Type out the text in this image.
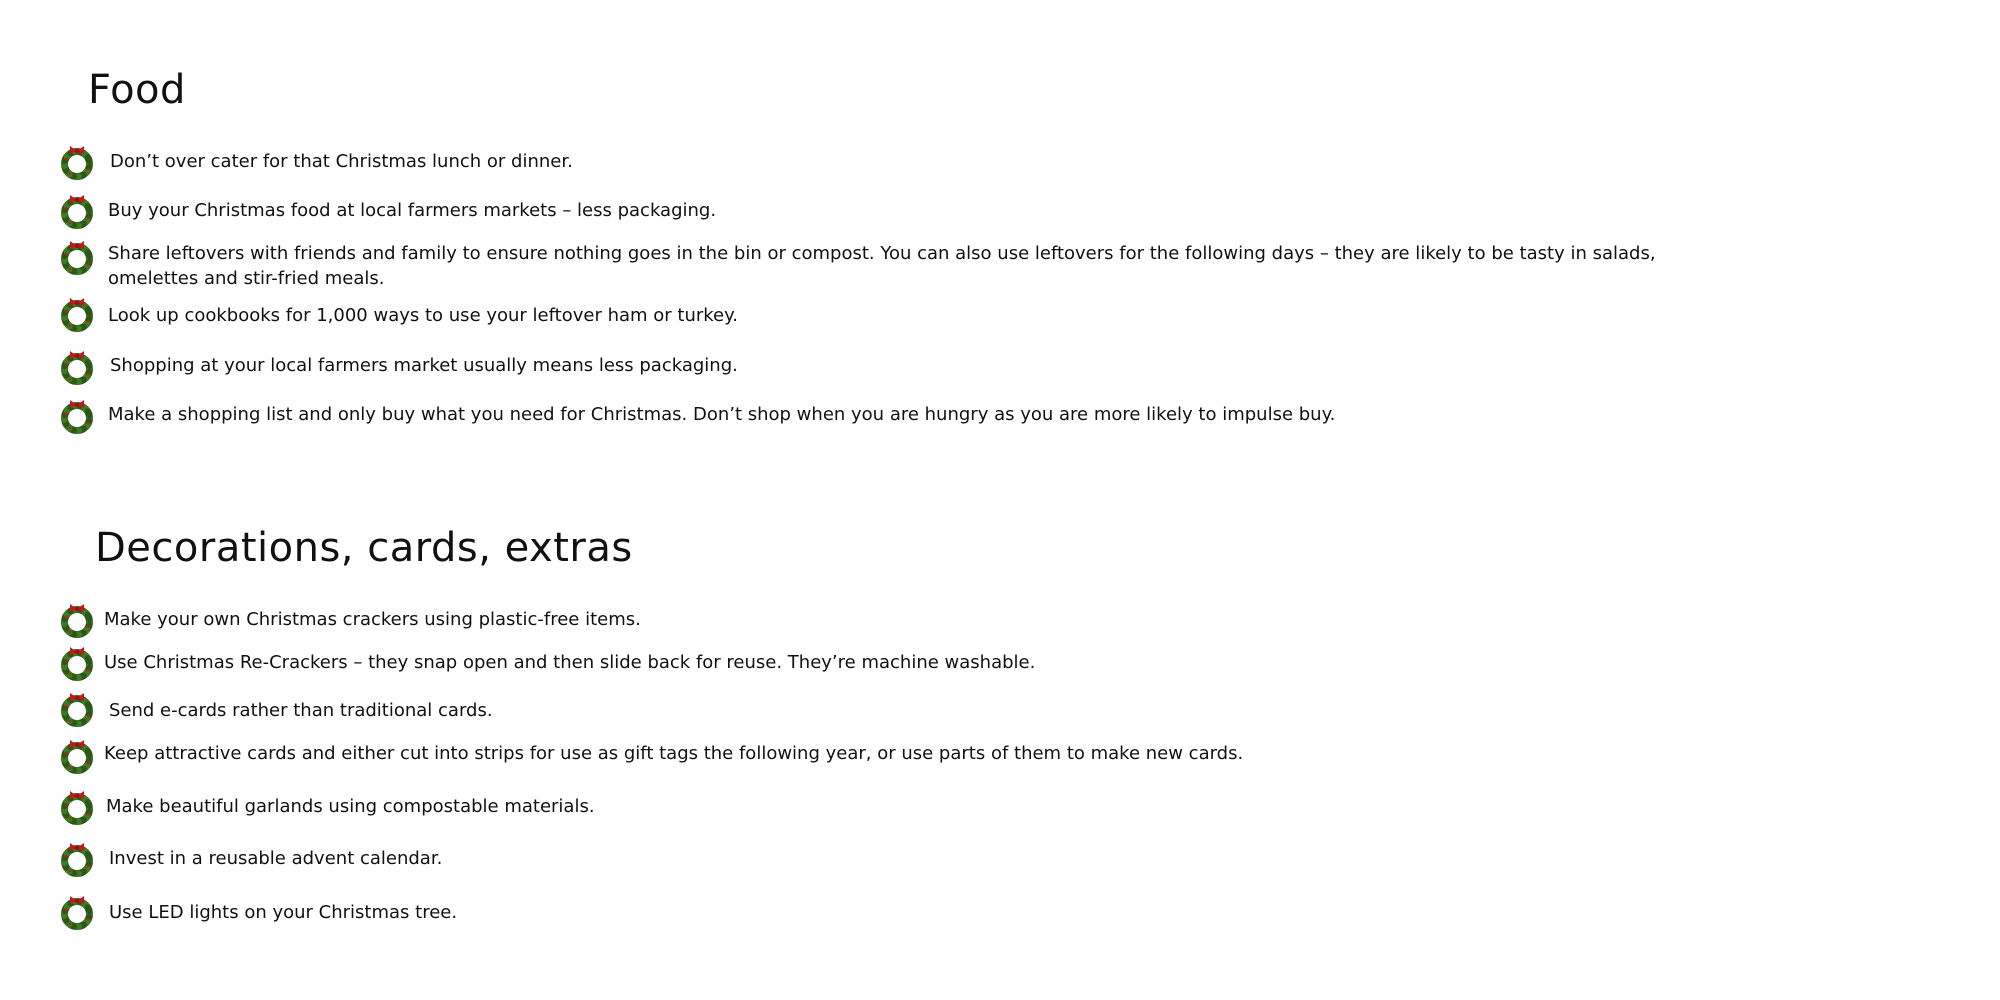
Food
Don’t over cater for that Christmas lunch or dinner.
Buy your Christmas food at local farmers markets – less packaging.
Share leftovers with friends and family to ensure nothing goes in the bin or compost. You can also use leftovers for the following days – they are likely to be tasty in salads, omelettes and stir-fried meals.
Look up cookbooks for 1,000 ways to use your leftover ham or turkey.
Shopping at your local farmers market usually means less packaging.
Make a shopping list and only buy what you need for Christmas. Don’t shop when you are hungry as you are more likely to impulse buy.
Decorations, cards, extras
Make your own Christmas crackers using plastic-free items.
Use Christmas Re-Crackers – they snap open and then slide back for reuse. They’re machine washable.
Send e-cards rather than traditional cards.
Keep attractive cards and either cut into strips for use as gift tags the following year, or use parts of them to make new cards.
Make beautiful garlands using compostable materials.
Invest in a reusable advent calendar.
Use LED lights on your Christmas tree.
